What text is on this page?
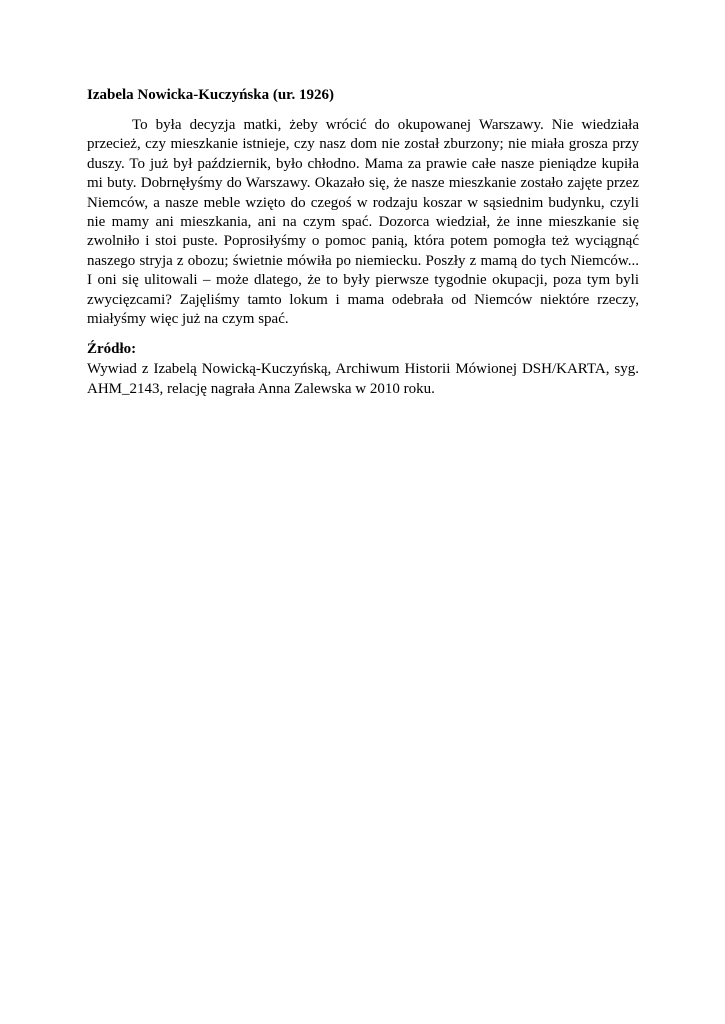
Izabela Nowicka-Kuczyńska (ur. 1926)

To była decyzja matki, żeby wrócić do okupowanej Warszawy. Nie wiedziała przecież, czy mieszkanie istnieje, czy nasz dom nie został zburzony; nie miała grosza przy duszy. To już był październik, było chłodno. Mama za prawie całe nasze pieniądze kupiła mi buty. Dobrnęłyśmy do Warszawy. Okazało się, że nasze mieszkanie zostało zajęte przez Niemców, a nasze meble wzięto do czegoś w rodzaju koszar w sąsiednim budynku, czyli nie mamy ani mieszkania, ani na czym spać. Dozorca wiedział, że inne mieszkanie się zwolniło i stoi puste. Poprosiłyśmy o pomoc panią, która potem pomogła też wyciągnąć naszego stryja z obozu; świetnie mówiła po niemiecku. Poszły z mamą do tych Niemców... I oni się ulitowali – może dlatego, że to były pierwsze tygodnie okupacji, poza tym byli zwycięzcami? Zajęliśmy tamto lokum i mama odebrała od Niemców niektóre rzeczy, miałyśmy więc już na czym spać.

Źródło:

Wywiad z Izabelą Nowicką-Kuczyńską, Archiwum Historii Mówionej DSH/KARTA, syg. AHM_2143, relację nagrała Anna Zalewska w 2010 roku.
